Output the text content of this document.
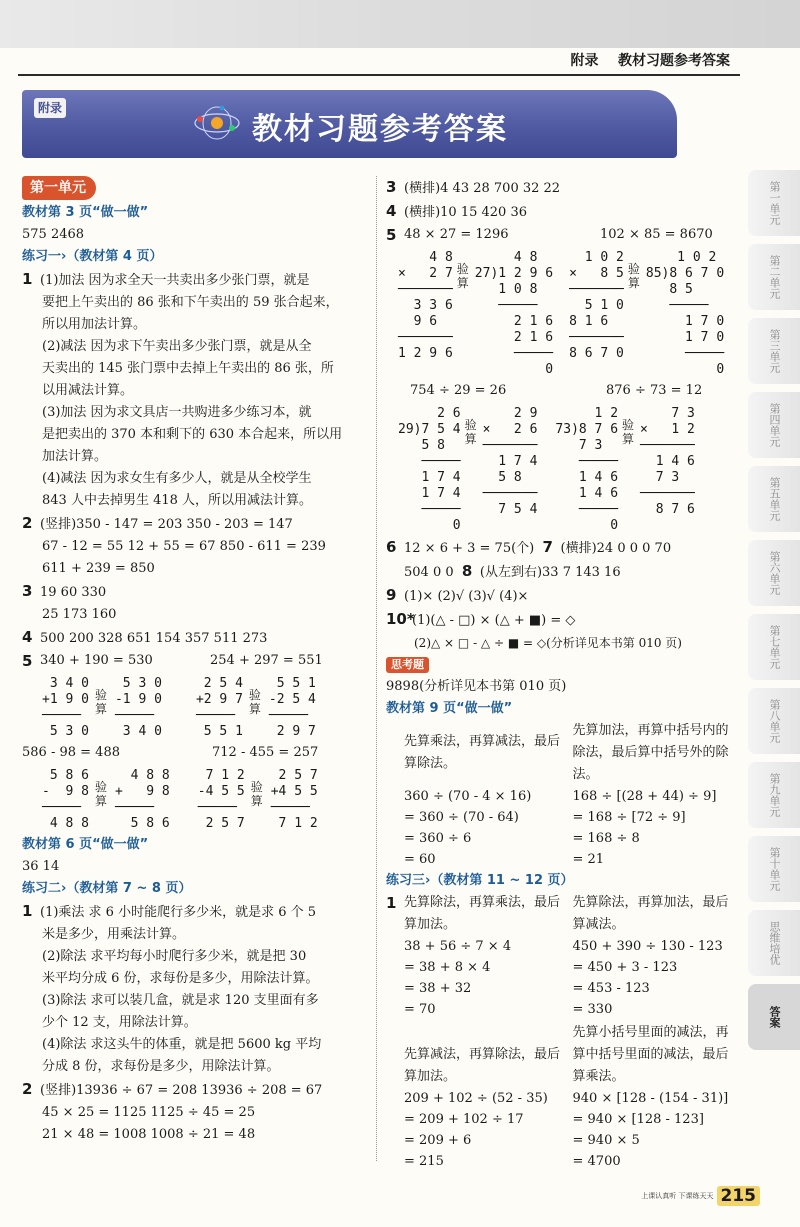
附录 教材习题参考答案
附录
教材习题参考答案
第一单元
第二单元
第三单元
第四单元
第五单元
第六单元
第七单元
第八单元
第九单元
第十单元
思维培优
答案
第一单元
教材第 3 页“做一做”
575 2468
练习一›（教材第 4 页）
1 (1)加法 因为求全天一共卖出多少张门票，就是
要把上午卖出的 86 张和下午卖出的 59 张合起来，
所以用加法计算。
(2)减法 因为求下午卖出多少张门票，就是从全
天卖出的 145 张门票中去掉上午卖出的 86 张，所
以用减法计算。
(3)加法 因为求文具店一共购进多少练习本，就
是把卖出的 370 本和剩下的 630 本合起来，所以用
加法计算。
(4)减法 因为求女生有多少人，就是从全校学生
843 人中去掉男生 418 人，所以用减法计算。
2 (竖排)350 - 147 = 203 350 - 203 = 147
67 - 12 = 55 12 + 55 = 67 850 - 611 = 239
611 + 239 = 850
3 19 60 330
25 173 160
4 500 200 328 651 154 357 511 273
5 340 + 190 = 530	254 + 297 = 551
3 4 0
+1 9 0
─────
5 3 0
验算
5 3 0
-1 9 0
─────
3 4 0
2 5 4
+2 9 7
─────
5 5 1
验算
5 5 1
-2 5 4
─────
2 9 7
586 - 98 = 488	712 - 455 = 257
5 8 6
-  9 8
─────
4 8 8
验算
4 8 8
+   9 8
─────
5 8 6
7 1 2
-4 5 5
─────
2 5 7
验算
2 5 7
+4 5 5
─────
7 1 2
教材第 6 页“做一做”
36 14
练习二›（教材第 7 ~ 8 页）
1 (1)乘法 求 6 小时能爬行多少米，就是求 6 个 5
米是多少，用乘法计算。
(2)除法 求平均每小时爬行多少米，就是把 30
米平均分成 6 份，求每份是多少，用除法计算。
(3)除法 求可以装几盒，就是求 120 支里面有多
少个 12 支，用除法计算。
(4)除法 求这头牛的体重，就是把 5600 kg 平均
分成 8 份，求每份是多少，用除法计算。
2 (竖排)13936 ÷ 67 = 208 13936 ÷ 208 = 67
45 × 25 = 1125 1125 ÷ 45 = 25
21 × 48 = 1008 1008 ÷ 21 = 48
3 (横排)4 43 28 700 32 22
4 (横排)10 15 420 36
5 48 × 27 = 1296	102 × 85 = 8670
4 8
×   2 7
───────
3 3 6
9 6
───────
1 2 9 6
验算
4 8
27)1 2 9 6
1 0 8
─────
2 1 6
2 1 6
─────
0
1 0 2
×   8 5
───────
5 1 0
8 1 6
───────
8 6 7 0
验算
1 0 2
85)8 6 7 0
8 5
─────
1 7 0
1 7 0
─────
0
754 ÷ 29 = 26	876 ÷ 73 = 12
2 6
29)7 5 4
5 8
─────
1 7 4
1 7 4
─────
0
验算
2 9
×   2 6
───────
1 7 4
5 8
───────
7 5 4
1 2
73)8 7 6
7 3
─────
1 4 6
1 4 6
─────
0
验算
7 3
×   1 2
───────
1 4 6
7 3
───────
8 7 6
6 12 × 6 + 3 = 75(个) 7 (横排)24 0 0 0 70
504 0 0 8 (从左到右)33 7 143 16
9 (1)× (2)√ (3)√ (4)×
10*(1)(△ - □) × (△ + ■) = ◇
(2)△ × □ - △ ÷ ■ = ◇(分析详见本书第 010 页)
思考题
9898(分析详见本书第 010 页)
教材第 9 页“做一做”
先算乘法，再算减法，最后算除法。
360 ÷ (70 - 4 × 16)
= 360 ÷ (70 - 64)
= 360 ÷ 6
= 60
先算加法，再算中括号内的除法，最后算中括号外的除法。
168 ÷ [(28 + 44) ÷ 9]
= 168 ÷ [72 ÷ 9]
= 168 ÷ 8
= 21
练习三›（教材第 11 ~ 12 页）
1 先算除法，再算乘法，最后算加法。
38 + 56 ÷ 7 × 4
= 38 + 8 × 4
= 38 + 32
= 70
先算除法，再算加法，最后算减法。
450 + 390 ÷ 130 - 123
= 450 + 3 - 123
= 453 - 123
= 330
先算减法，再算除法，最后算加法。
209 + 102 ÷ (52 - 35)
= 209 + 102 ÷ 17
= 209 + 6
= 215
先算小括号里面的减法，再算中括号里面的减法，最后算乘法。
940 × [128 - (154 - 31)]
= 940 × [128 - 123]
= 940 × 5
= 4700
上课认真听 下课练天天 215
